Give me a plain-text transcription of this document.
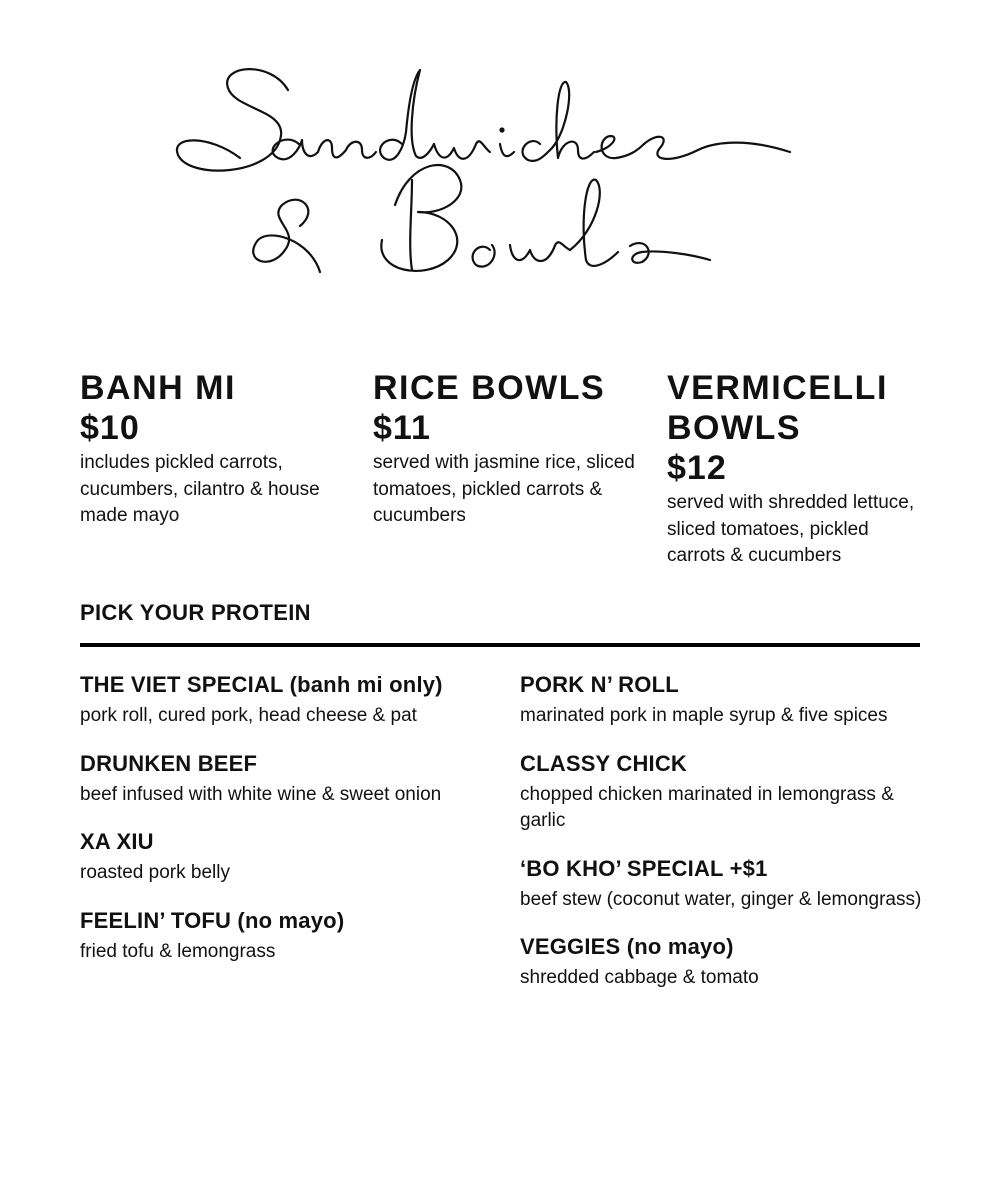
BANH MI

$10

includes pickled carrots, cucumbers, cilantro & house made mayo

RICE BOWLS

$11

served with jasmine rice, sliced tomatoes, pickled carrots & cucumbers

VERMICELLI BOWLS

$12

served with shredded lettuce, sliced tomatoes, pickled carrots & cucumbers

PICK YOUR PROTEIN

THE VIET SPECIAL (banh mi only)

pork roll, cured pork, head cheese & pat

DRUNKEN BEEF

beef infused with white wine & sweet onion

XA XIU

roasted pork belly

FEELIN’ TOFU (no mayo)

fried tofu & lemongrass

PORK N’ ROLL

marinated pork in maple syrup & five spices

CLASSY CHICK

chopped chicken marinated in lemongrass & garlic

‘BO KHO’ SPECIAL +$1

beef stew (coconut water, ginger & lemongrass)

VEGGIES (no mayo)

shredded cabbage & tomato
